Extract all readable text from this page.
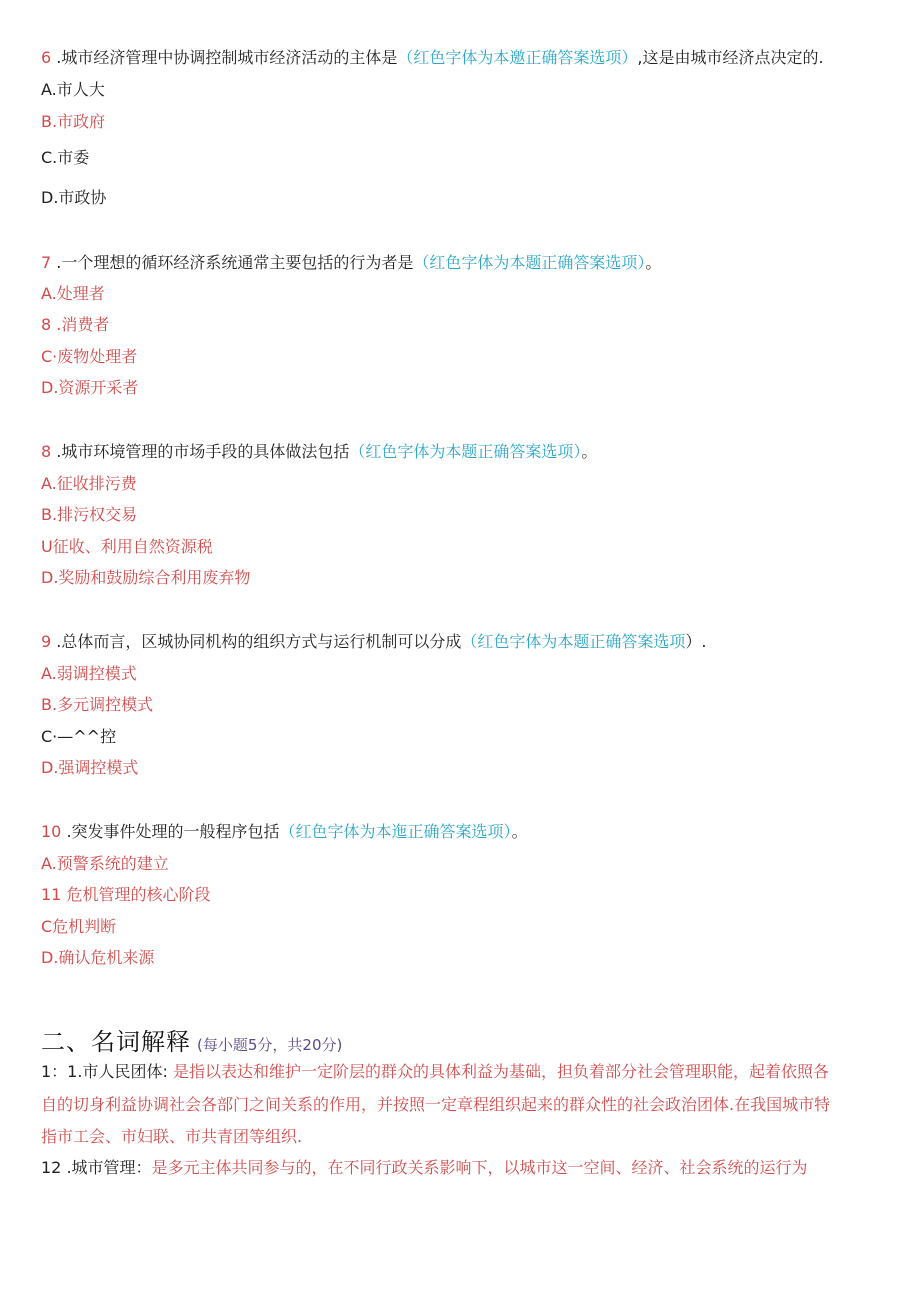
6 .城市经济管理中协调控制城市经济活动的主体是（红色字体为本邀正确答案选项）,这是由城市经济点决定的.
A.市人大
B.市政府
C.市委
D.市政协
7 .一个理想的循环经济系统通常主要包括的行为者是（红色字体为本题正确答案选项）。
A.处理者
8 .消费者
C·废物处理者
D.资源开采者
8 .城市环境管理的市场手段的具体做法包括（红色字体为本题正确答案选项）。
A.征收排污费
B.排污权交易
U征收、利用自然资源税
D.奖励和鼓励综合利用废弃物
9 .总体而言，区城协同机构的组织方式与运行机制可以分成（红色字体为本题正确答案选项）.
A.弱调控模式
B.多元调控模式
C·—^^控
D.强调控模式
10 .突发事件处理的一般程序包括（红色字体为本迤正确答案选项）。
A.预警系统的建立
11 危机管理的核心阶段
C危机判断
D.确认危机来源
二、名词解释 (每小题5分，共20分)
1：1.市人民团体: 是指以表达和维护一定阶层的群众的具体利益为基础，担负着部分社会管理职能，起着依照各
自的切身利益协调社会各部门之间关系的作用，并按照一定章程组织起来的群众性的社会政治团体.在我国城市特
指市工会、市妇联、市共青团等组织.
12 .城市管理：是多元主体共同参与的，在不同行政关系影响下，以城市这一空间、经济、社会系统的运行为
